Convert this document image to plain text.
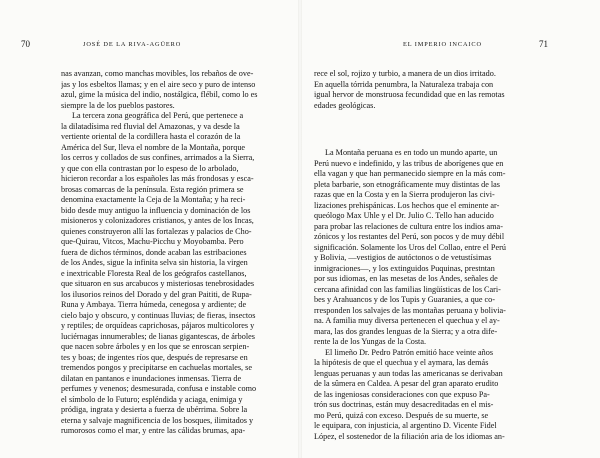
70	JOSÉ DE LA RIVA-AGÜERO
nas avanzan, como manchas movibles, los rebaños de ove-
jas y los esbeltos llamas; y en el aire seco y puro de intenso
azul, gime la música del indio, nostálgica, flébil, como lo es
siempre la de los pueblos pastores.
La tercera zona geográfica del Perú, que pertenece a
la dilatadísima red fluvial del Amazonas, y va desde la
vertiente oriental de la cordillera hasta el corazón de la
América del Sur, lleva el nombre de la Montaña, porque
los cerros y collados de sus confines, arrimados a la Sierra,
y que con ella contrastan por lo espeso de lo arbolado,
hicieron recordar a los españoles las más frondosas y esca-
brosas comarcas de la península. Esta región primera se
denomina exactamente la Ceja de la Montaña; y ha reci-
bido desde muy antiguo la influencia y dominación de los
misioneros y colonizadores cristianos, y antes de los Incas,
quienes construyeron allí las fortalezas y palacios de Cho-
que-Quirau, Vitcos, Machu-Picchu y Moyobamba. Pero
fuera de dichos términos, donde acaban las estribaciones
de los Andes, sigue la infinita selva sin historia, la virgen
e inextricable Floresta Real de los geógrafos castellanos,
que situaron en sus arcabucos y misteriosas tenebrosidades
los ilusorios reinos del Dorado y del gran Paititi, de Rupa-
Runa y Ambaya. Tierra húmeda, cenegosa y ardiente; de
cielo bajo y obscuro, y continuas lluvias; de fieras, insectos
y reptiles; de orquídeas caprichosas, pájaros multicolores y
luciérnagas innumerables; de lianas gigantescas, de árboles
que nacen sobre árboles y en los que se enroscan serpien-
tes y boas; de ingentes ríos que, después de represarse en
tremendos pongos y precipitarse en cachuelas mortales, se
dilatan en pantanos e inundaciones inmensas. Tierra de
perfumes y venenos; desmesurada, confusa e instable como
el símbolo de lo Futuro; espléndida y aciaga, enimiga y
pródiga, ingrata y desierta a fuerza de ubérrima. Sobre la
eterna y salvaje magnificencia de los bosques, ilimitados y
rumorosos como el mar, y entre las cálidas brumas, apa-
71
EL IMPERIO INCAICO
rece el sol, rojizo y turbio, a manera de un dios irritado.
En aquella tórrida penumbra, la Naturaleza trabaja con
igual hervor de monstruosa fecundidad que en las remotas
edades geológicas.
La Montaña peruana es en todo un mundo aparte, un
Perú nuevo e indefinido, y las tribus de aborígenes que en
ella vagan y que han permanecido siempre en la más com-
pleta barbarie, son etnográficamente muy distintas de las
razas que en la Costa y en la Sierra produjeron las civi-
lizaciones prehispánicas. Los hechos que el eminente ar-
queólogo Max Uhle y el Dr. Julio C. Tello han aducido
para probar las relaciones de cultura entre los indios ama-
zónicos y los restantes del Perú, son pocos y de muy débil
significación. Solamente los Uros del Collao, entre el Perú
y Bolivia, —vestigios de autóctonos o de vetustísimas
inmigraciones—, y los extinguidos Puquinas, prestntan
por sus idiomas, en las mesetas de los Andes, señales de
cercana afinidad con las familias lingüísticas de los Cari-
bes y Arahuancos y de los Tupis y Guaranies, a que co-
rresponden los salvajes de las montañas peruana y bolivia-
na. A familia muy diversa pertenecen el quechua y el ay-
mara, las dos grandes lenguas de la Sierra; y a otra dife-
rente la de los Yungas de la Costa.
El limeño Dr. Pedro Patrón emitió hace veinte años
la hipótesis de que el quechua y el aymara, las demás
lenguas peruanas y aun todas las americanas se derivaban
de la sûmera en Caldea. A pesar del gran aparato erudito
de las ingeniosas consideraciones con que expuso Pa-
trón sus doctrinas, están muy desacreditadas en el mis-
mo Perú, quizá con exceso. Después de su muerte, se
le equipara, con injusticia, al argentino D. Vicente Fidel
López, el sostenedor de la filiación aria de los idiomas an-
